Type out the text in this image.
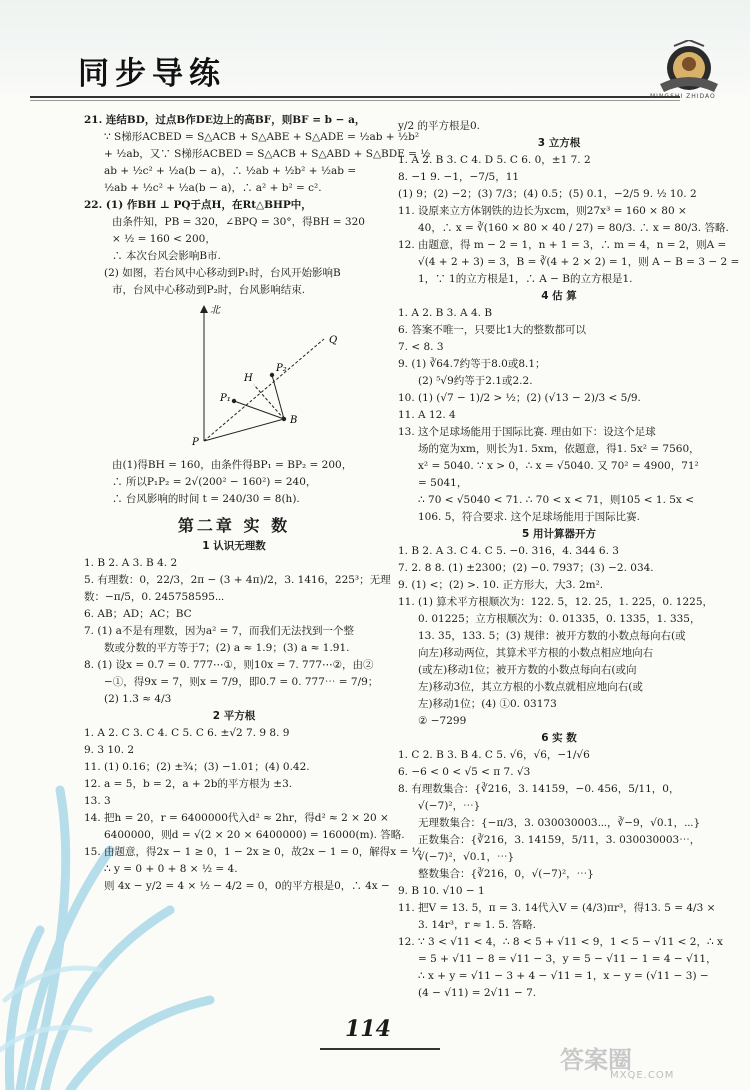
同步导练
MINGSHI ZHIDAO
21. 连结BD，过点B作DE边上的高BF，则BF = b − a，
∵ S梯形ACBED = S△ACB + S△ABE + S△ADE = ½ab + ½b²
+ ½ab，又∵ S梯形ACBED = S△ACB + S△ABD + S△BDE = ½
ab + ½c² + ½a(b − a)，∴ ½ab + ½b² + ½ab =
½ab + ½c² + ½a(b − a)，∴ a² + b² = c².
22. (1) 作BH ⊥ PQ于点H，在Rt△BHP中，
由条件知，PB = 320，∠BPQ = 30°，得BH = 320
× ½ = 160 < 200，
∴ 本次台风会影响B市.
(2) 如图，若台风中心移动到P₁时，台风开始影响B
市，台风中心移动到P₂时，台风影响结束.
北
Q
P₂
H
P₁
B
P
由(1)得BH = 160，由条件得BP₁ = BP₂ = 200，
∴ 所以P₁P₂ = 2√(200² − 160²) = 240，
∴ 台风影响的时间 t = 240/30 = 8(h).
第二章 实 数
1 认识无理数
1. B 2. A 3. B 4. 2
5. 有理数：0，22/3，2π − (3 + 4π)/2，3. 1416，225³；无理
数：−π/5，0. 245758595⋯
6. AB；AD；AC；BC
7. (1) a不是有理数，因为a² = 7，而我们无法找到一个整
数或分数的平方等于7；(2) a ≈ 1.9；(3) a ≈ 1.91.
8. (1) 设x = 0.7̇ = 0. 777⋯①，则10x = 7. 777⋯②，由②
−①，得9x = 7，则x = 7/9，即0.7̇ = 0. 777⋯ = 7/9；
(2) 1.3̇ ≈ 4/3
2 平方根
1. A 2. C 3. C 4. C 5. C 6. ±√2 7. 9 8. 9
9. 3 10. 2
11. (1) 0.16；(2) ±¾；(3) −1.01；(4) 0.42.
12. a = 5，b = 2，a + 2b的平方根为 ±3.
13. 3
14. 把h = 20，r = 6400000代入d² ≈ 2hr，得d² ≈ 2 × 20 ×
6400000，则d = √(2 × 20 × 6400000) = 16000(m). 答略.
15. 由题意，得2x − 1 ≥ 0，1 − 2x ≥ 0，故2x − 1 = 0，解得x = ½
∴ y = 0 + 0 + 8 × ½ = 4.
则 4x − y/2 = 4 × ½ − 4/2 = 0，0的平方根是0，∴ 4x −
y/2 的平方根是0.
3 立方根
1. A 2. B 3. C 4. D 5. C 6. 0，±1 7. 2
8. −1 9. −1，−7/5，11
(1) 9；(2) −2；(3) 7/3；(4) 0.5；(5) 0.1，−2/5 9. ½ 10. 2
11. 设原来立方体钢铁的边长为xcm，则27x³ = 160 × 80 ×
40，∴ x = ∛(160 × 80 × 40 / 27) = 80/3. ∴ x = 80/3. 答略.
12. 由题意，得 m − 2 = 1，n + 1 = 3，∴ m = 4，n = 2，则A =
√(4 + 2 + 3) = 3，B = ∛(4 + 2 × 2) = 1，则 A − B = 3 − 2 =
1，∵ 1的立方根是1，∴ A − B的立方根是1.
4 估 算
1. A 2. B 3. A 4. B
6. 答案不唯一，只要比1大的整数都可以
7. < 8. 3
9. (1) ∛64.7约等于8.0或8.1；
(2) ⁵√9约等于2.1或2.2.
10. (1) (√7 − 1)/2 > ½；(2) (√13 − 2)/3 < 5/9.
11. A 12. 4
13. 这个足球场能用于国际比赛. 理由如下：设这个足球
场的宽为xm，则长为1. 5xm，依题意，得1. 5x² = 7560，
x² = 5040. ∵ x > 0，∴ x = √5040. 又 70² = 4900，71²
= 5041，
∴ 70 < √5040 < 71. ∴ 70 < x < 71，则105 < 1. 5x <
106. 5，符合要求. 这个足球场能用于国际比赛.
5 用计算器开方
1. B 2. A 3. C 4. C 5. −0. 316，4. 344 6. 3
7. 2. 8 8. (1) ±2300；(2) −0. 7937；(3) −2. 034.
9. (1) <；(2) >. 10. 正方形大，大3. 2m².
11. (1) 算术平方根顺次为：122. 5，12. 25，1. 225，0. 1225，
0. 01225；立方根顺次为：0. 01335，0. 1335，1. 335，
13. 35，133. 5；(3) 规律：被开方数的小数点每向右(或
向左)移动两位，其算术平方根的小数点相应地向右
(或左)移动1位；被开方数的小数点每向右(或向
左)移动3位，其立方根的小数点就相应地向右(或
左)移动1位；(4) ①0. 03173
② −7299
6 实 数
1. C 2. B 3. B 4. C 5. √6，√6，−1/√6
6. −6 < 0 < √5 < π 7. √3
8. 有理数集合：{∛216，3. 14159，−0. 456，5/11，0，
√(−7)²，⋯}
无理数集合：{−π/3，3. 030030003⋯，∛−9，√0.1，⋯}
正数集合：{∛216，3. 14159，5/11，3. 030030003⋯，
√(−7)²，√0.1，⋯}
整数集合：{∛216，0，√(−7)²，⋯}
9. B 10. √10 − 1
11. 把V = 13. 5，π = 3. 14代入V = (4/3)πr³，得13. 5 = 4/3 ×
3. 14r³，r ≈ 1. 5. 答略.
12. ∵ 3 < √11 < 4，∴ 8 < 5 + √11 < 9，1 < 5 − √11 < 2，∴ x
= 5 + √11 − 8 = √11 − 3，y = 5 − √11 − 1 = 4 − √11，
∴ x + y = √11 − 3 + 4 − √11 = 1，x − y = (√11 − 3) −
(4 − √11) = 2√11 − 7.
114
答案圈
MXQE.COM
